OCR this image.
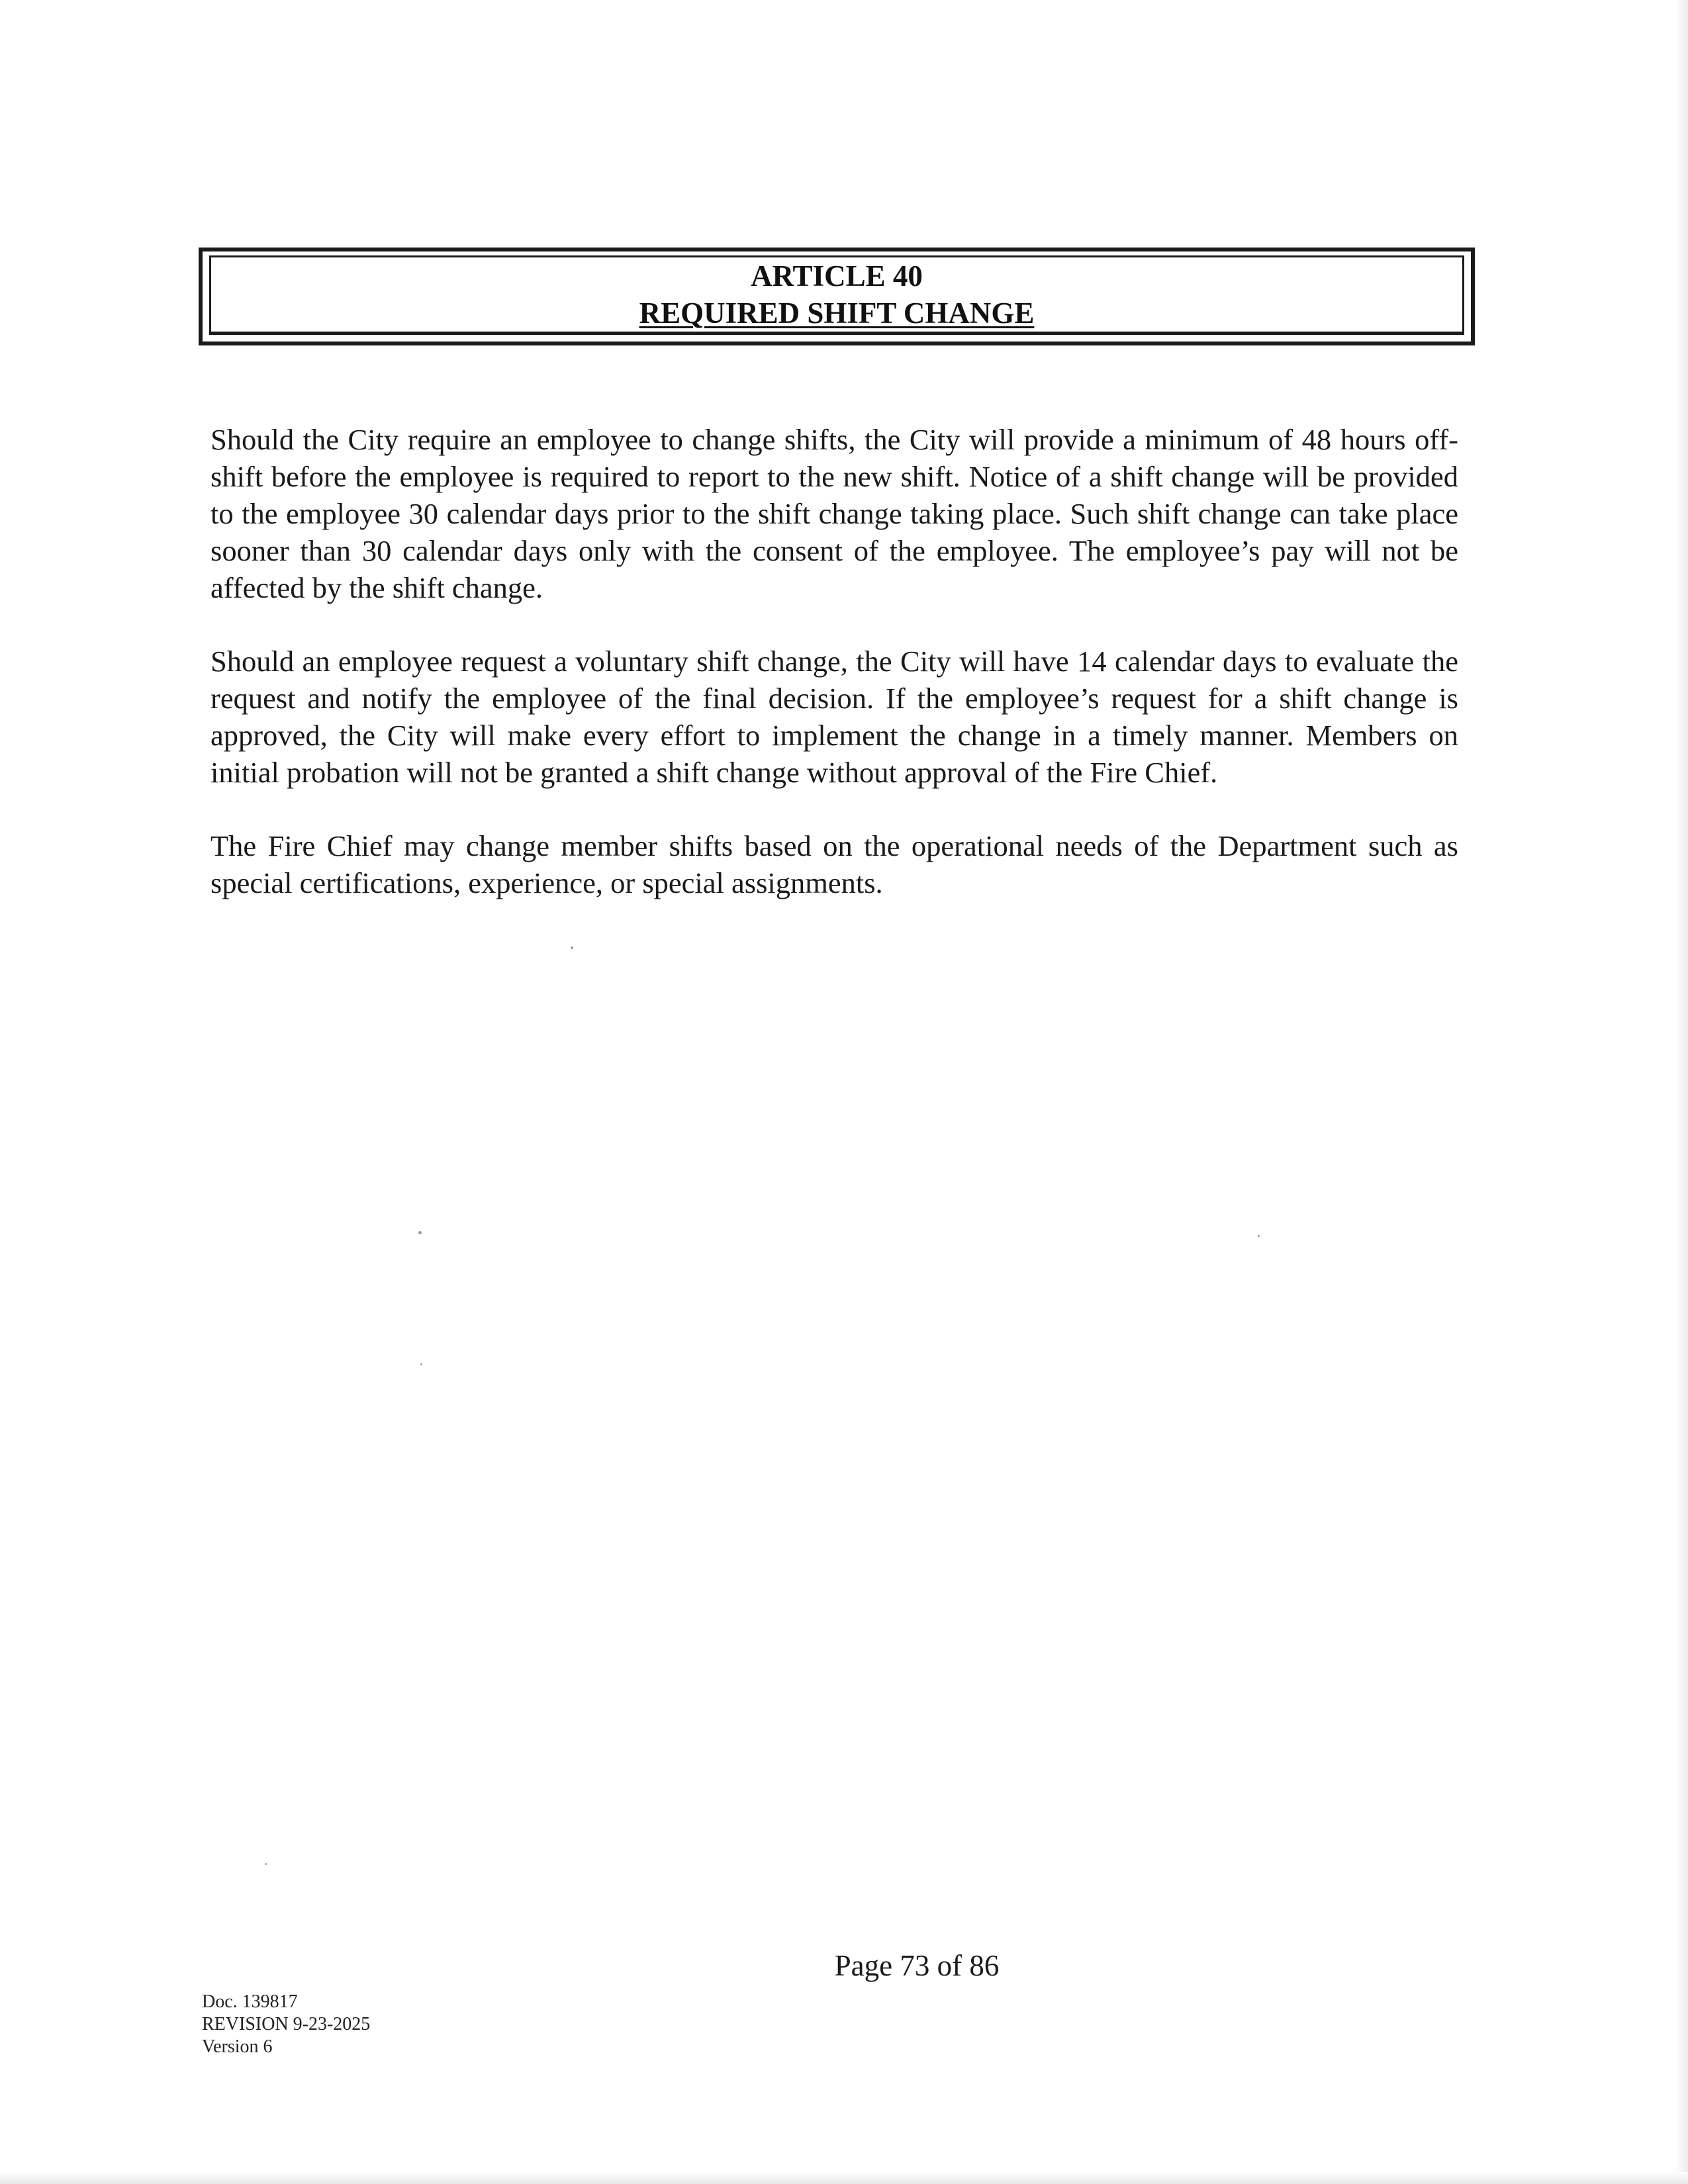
ARTICLE 40
REQUIRED SHIFT CHANGE

Should the City require an employee to change shifts, the City will provide a minimum of 48 hours off-shift before the employee is required to report to the new shift. Notice of a shift change will be provided to the employee 30 calendar days prior to the shift change taking place. Such shift change can take place sooner than 30 calendar days only with the consent of the employee. The employee’s pay will not be affected by the shift change.

Should an employee request a voluntary shift change, the City will have 14 calendar days to evaluate the request and notify the employee of the final decision. If the employee’s request for a shift change is approved, the City will make every effort to implement the change in a timely manner. Members on initial probation will not be granted a shift change without approval of the Fire Chief.

The Fire Chief may change member shifts based on the operational needs of the Department such as special certifications, experience, or special assignments.

Page 73 of 86
Doc. 139817
REVISION 9-23-2025
Version 6
